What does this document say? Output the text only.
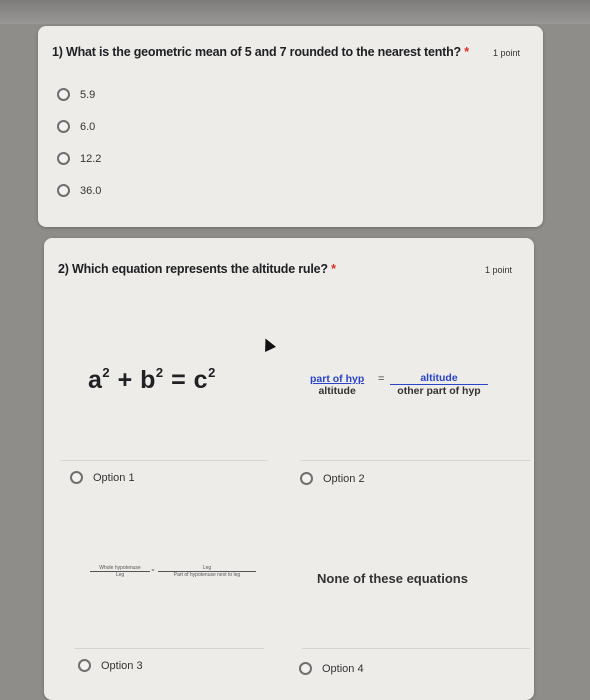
1) What is the geometric mean of 5 and 7 rounded to the nearest tenth? *	1 point
5.9
6.0
12.2
36.0
2) Which equation represents the altitude rule? *	1 point
$a^2 + b^2 = c^2$	part of hyp
altitude
=	altitude
other part of hyp
Option 1	Option 2
Whole hypotenuse
Leg
=	Leg
Part of hypotenuse next to leg	None of these equations
Option 3	Option 4
